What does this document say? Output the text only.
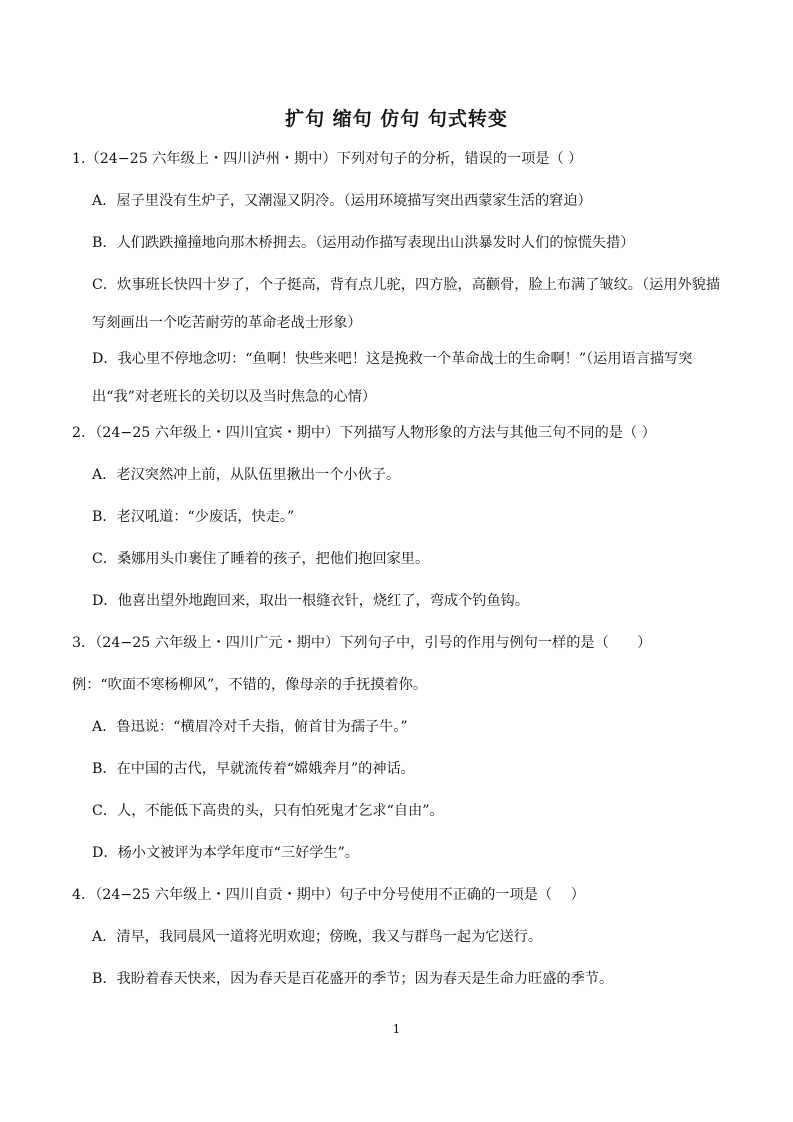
扩句 缩句 仿句 句式转变
1.（24−25 六年级上・四川泸州・期中）下列对句子的分析，错误的一项是（ ）
A．屋子里没有生炉子，又潮湿又阴冷。（运用环境描写突出西蒙家生活的窘迫）
B．人们跌跌撞撞地向那木桥拥去。（运用动作描写表现出山洪暴发时人们的惊慌失措）
C．炊事班长快四十岁了，个子挺高，背有点儿驼，四方脸，高颧骨，脸上布满了皱纹。（运用外貌描写刻画出一个吃苦耐劳的革命老战士形象）
D．我心里不停地念叨：“鱼啊！快些来吧！这是挽救一个革命战士的生命啊！”（运用语言描写突出“我”对老班长的关切以及当时焦急的心情）
2．（24−25 六年级上・四川宜宾・期中）下列描写人物形象的方法与其他三句不同的是（ ）
A．老汉突然冲上前，从队伍里揪出一个小伙子。
B．老汉吼道：“少废话，快走。”
C．桑娜用头巾裹住了睡着的孩子，把他们抱回家里。
D．他喜出望外地跑回来，取出一根缝衣针，烧红了，弯成个钓鱼钩。
3．（24−25 六年级上・四川广元・期中）下列句子中，引号的作用与例句一样的是（　　）
例：“吹面不寒杨柳风”，不错的，像母亲的手抚摸着你。
A．鲁迅说：“横眉冷对千夫指，俯首甘为孺子牛。”
B．在中国的古代，早就流传着“嫦娥奔月”的神话。
C．人，不能低下高贵的头，只有怕死鬼才乞求“自由”。
D．杨小文被评为本学年度市“三好学生”。
4．（24−25 六年级上・四川自贡・期中）句子中分号使用不正确的一项是（　 ）
A．清早，我同晨风一道将光明欢迎；傍晚，我又与群鸟一起为它送行。
B．我盼着春天快来，因为春天是百花盛开的季节；因为春天是生命力旺盛的季节。
1
